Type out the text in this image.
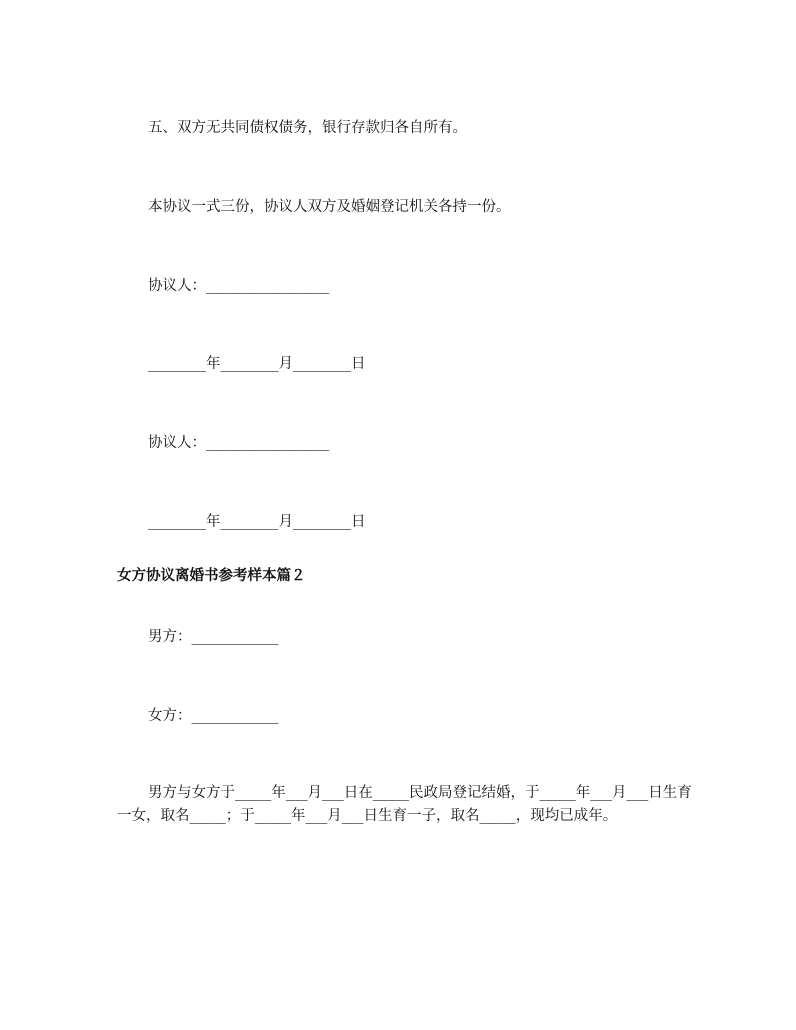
五、双方无共同债权债务，银行存款归各自所有。
本协议一式三份，协议人双方及婚姻登记机关各持一份。
协议人：_________________
________年________月________日
协议人：_________________
________年________月________日
女方协议离婚书参考样本篇２
男方：____________
女方：____________
男方与女方于_____年___月___日在_____民政局登记结婚，于_____年___月___日生育一女，取名_____；于_____年___月___日生育一子，取名_____，现均已成年。
